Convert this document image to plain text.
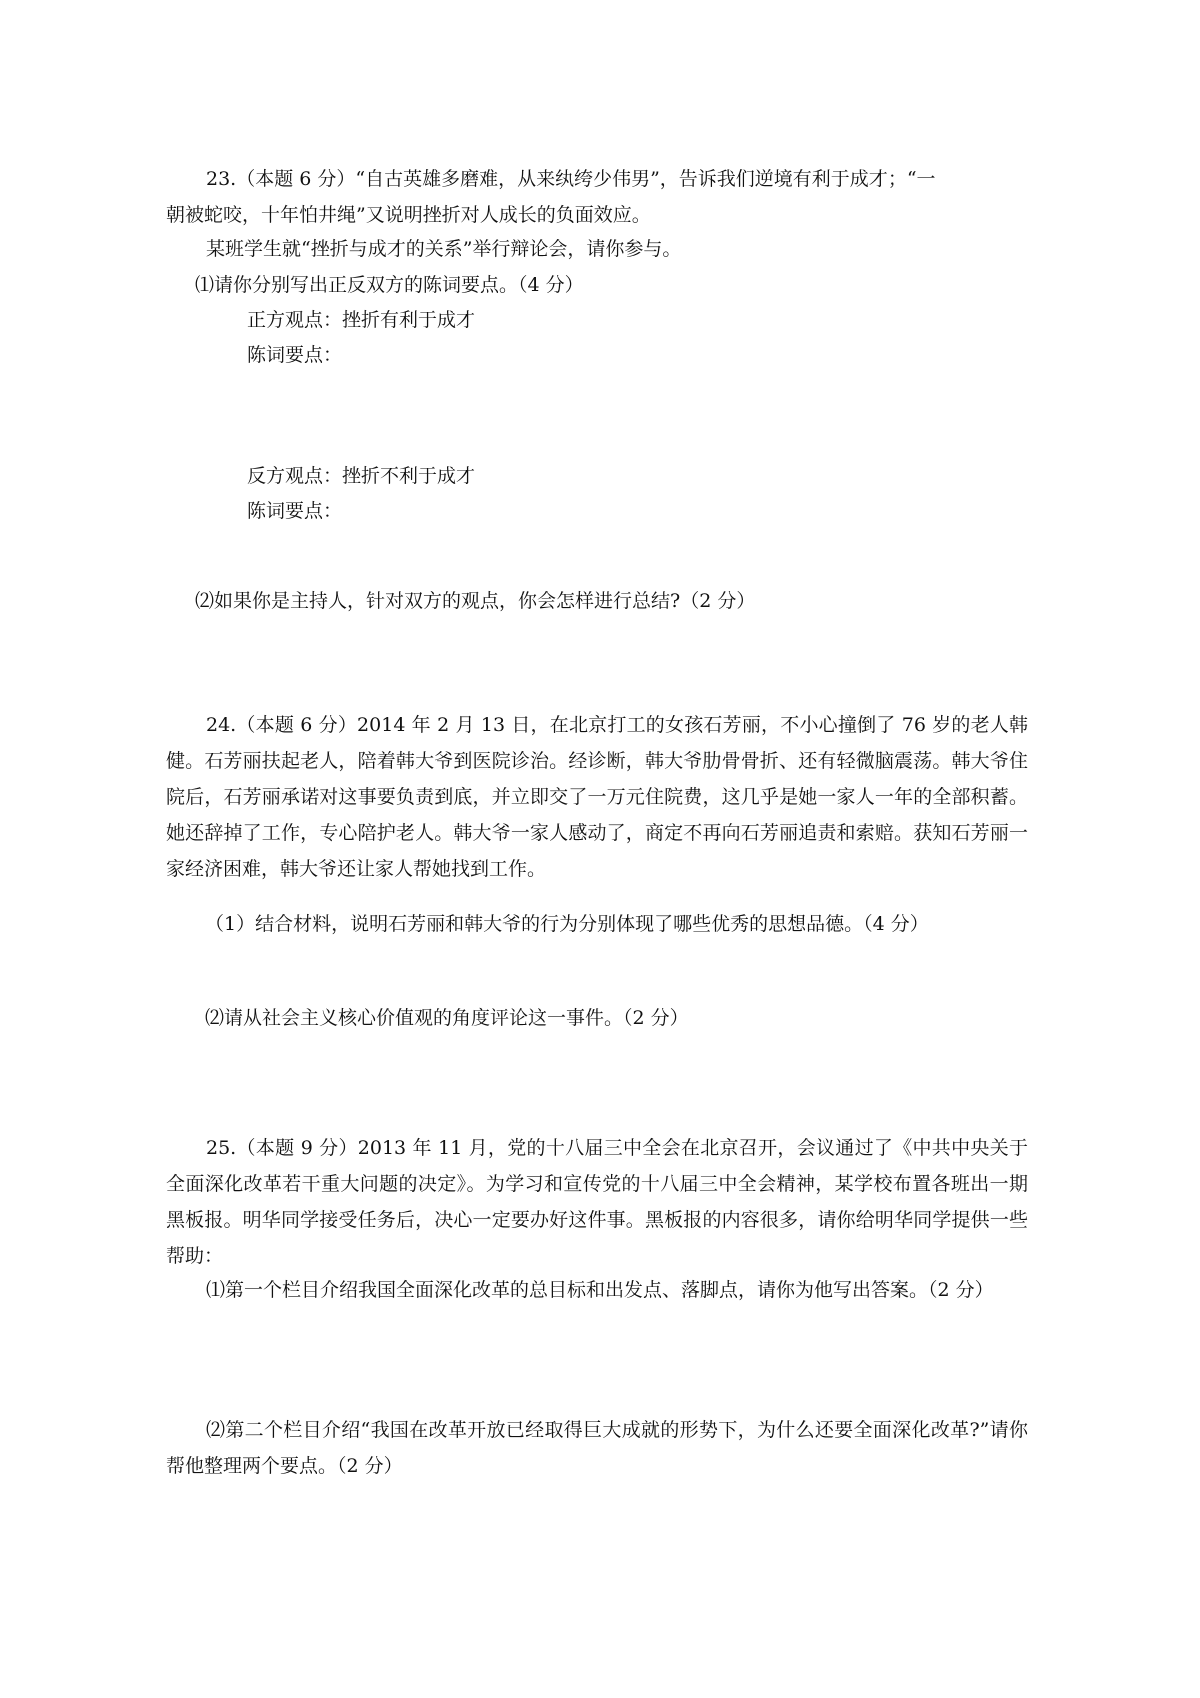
23.（本题 6 分）“自古英雄多磨难，从来纨绔少伟男”，告诉我们逆境有利于成才；“一
朝被蛇咬，十年怕井绳”又说明挫折对人成长的负面效应。
某班学生就“挫折与成才的关系”举行辩论会，请你参与。
⑴请你分别写出正反双方的陈词要点。（4 分）
正方观点：挫折有利于成才
陈词要点：
反方观点：挫折不利于成才
陈词要点：
⑵如果你是主持人，针对双方的观点，你会怎样进行总结?（2 分）
24.（本题 6 分）2014 年 2 月 13 日，在北京打工的女孩石芳丽，不小心撞倒了 76 岁的老人韩健。石芳丽扶起老人，陪着韩大爷到医院诊治。经诊断，韩大爷肋骨骨折、还有轻微脑震荡。韩大爷住院后，石芳丽承诺对这事要负责到底，并立即交了一万元住院费，这几乎是她一家人一年的全部积蓄。她还辞掉了工作，专心陪护老人。韩大爷一家人感动了，商定不再向石芳丽追责和索赔。获知石芳丽一家经济困难，韩大爷还让家人帮她找到工作。
（1）结合材料，说明石芳丽和韩大爷的行为分别体现了哪些优秀的思想品德。（4 分）
⑵请从社会主义核心价值观的角度评论这一事件。（2 分）
25.（本题 9 分）2013 年 11 月，党的十八届三中全会在北京召开，会议通过了《中共中央关于全面深化改革若干重大问题的决定》。为学习和宣传党的十八届三中全会精神，某学校布置各班出一期黑板报。明华同学接受任务后，决心一定要办好这件事。黑板报的内容很多，请你给明华同学提供一些帮助：
⑴第一个栏目介绍我国全面深化改革的总目标和出发点、落脚点，请你为他写出答案。（2 分）
⑵第二个栏目介绍“我国在改革开放已经取得巨大成就的形势下，为什么还要全面深化改革?”请你帮他整理两个要点。（2 分）
